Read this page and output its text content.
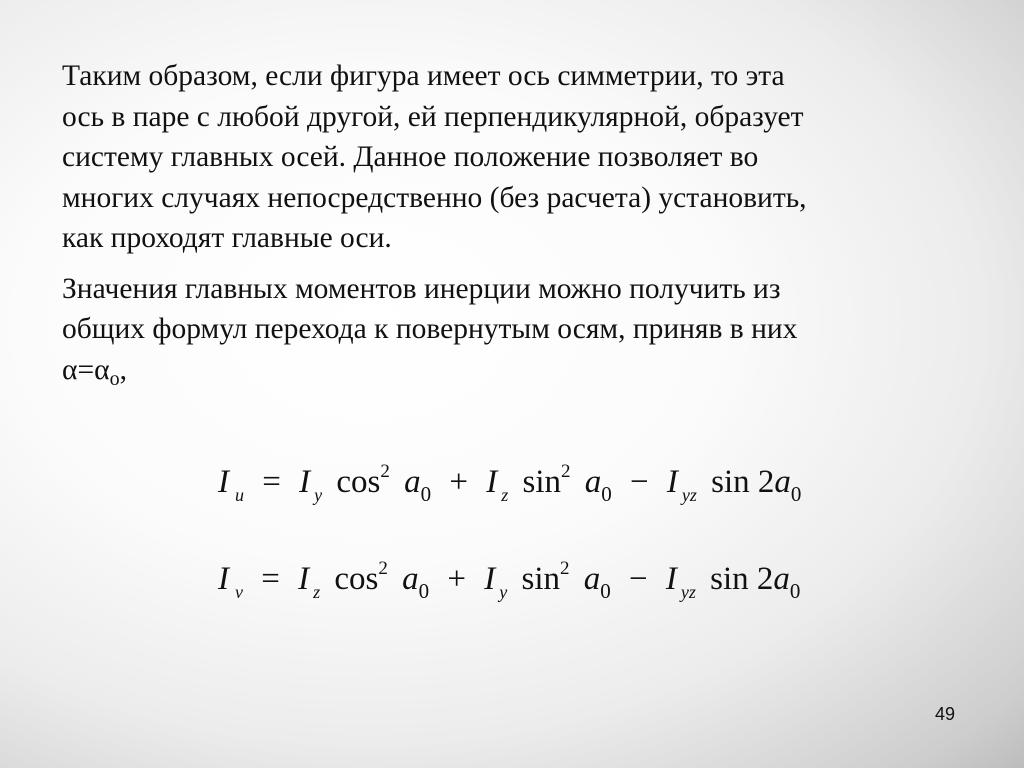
Таким образом, если фигура имеет ось симметрии, то эта
ось в паре с любой другой, ей перпендикулярной, образует
систему главных осей. Данное положение позволяет во
многих случаях непосредственно (без расчета) установить,
как проходят главные оси.

Значения главных моментов инерции можно получить из
общих формул перехода к повернутым осям, приняв в них
$\alpha=\alpha_о$,

I u = I y cos2 a0 + I z sin2 a0 − I yz sin 2a0
I v = I z cos2 a0 + I y sin2 a0 − I yz sin 2a0
49
